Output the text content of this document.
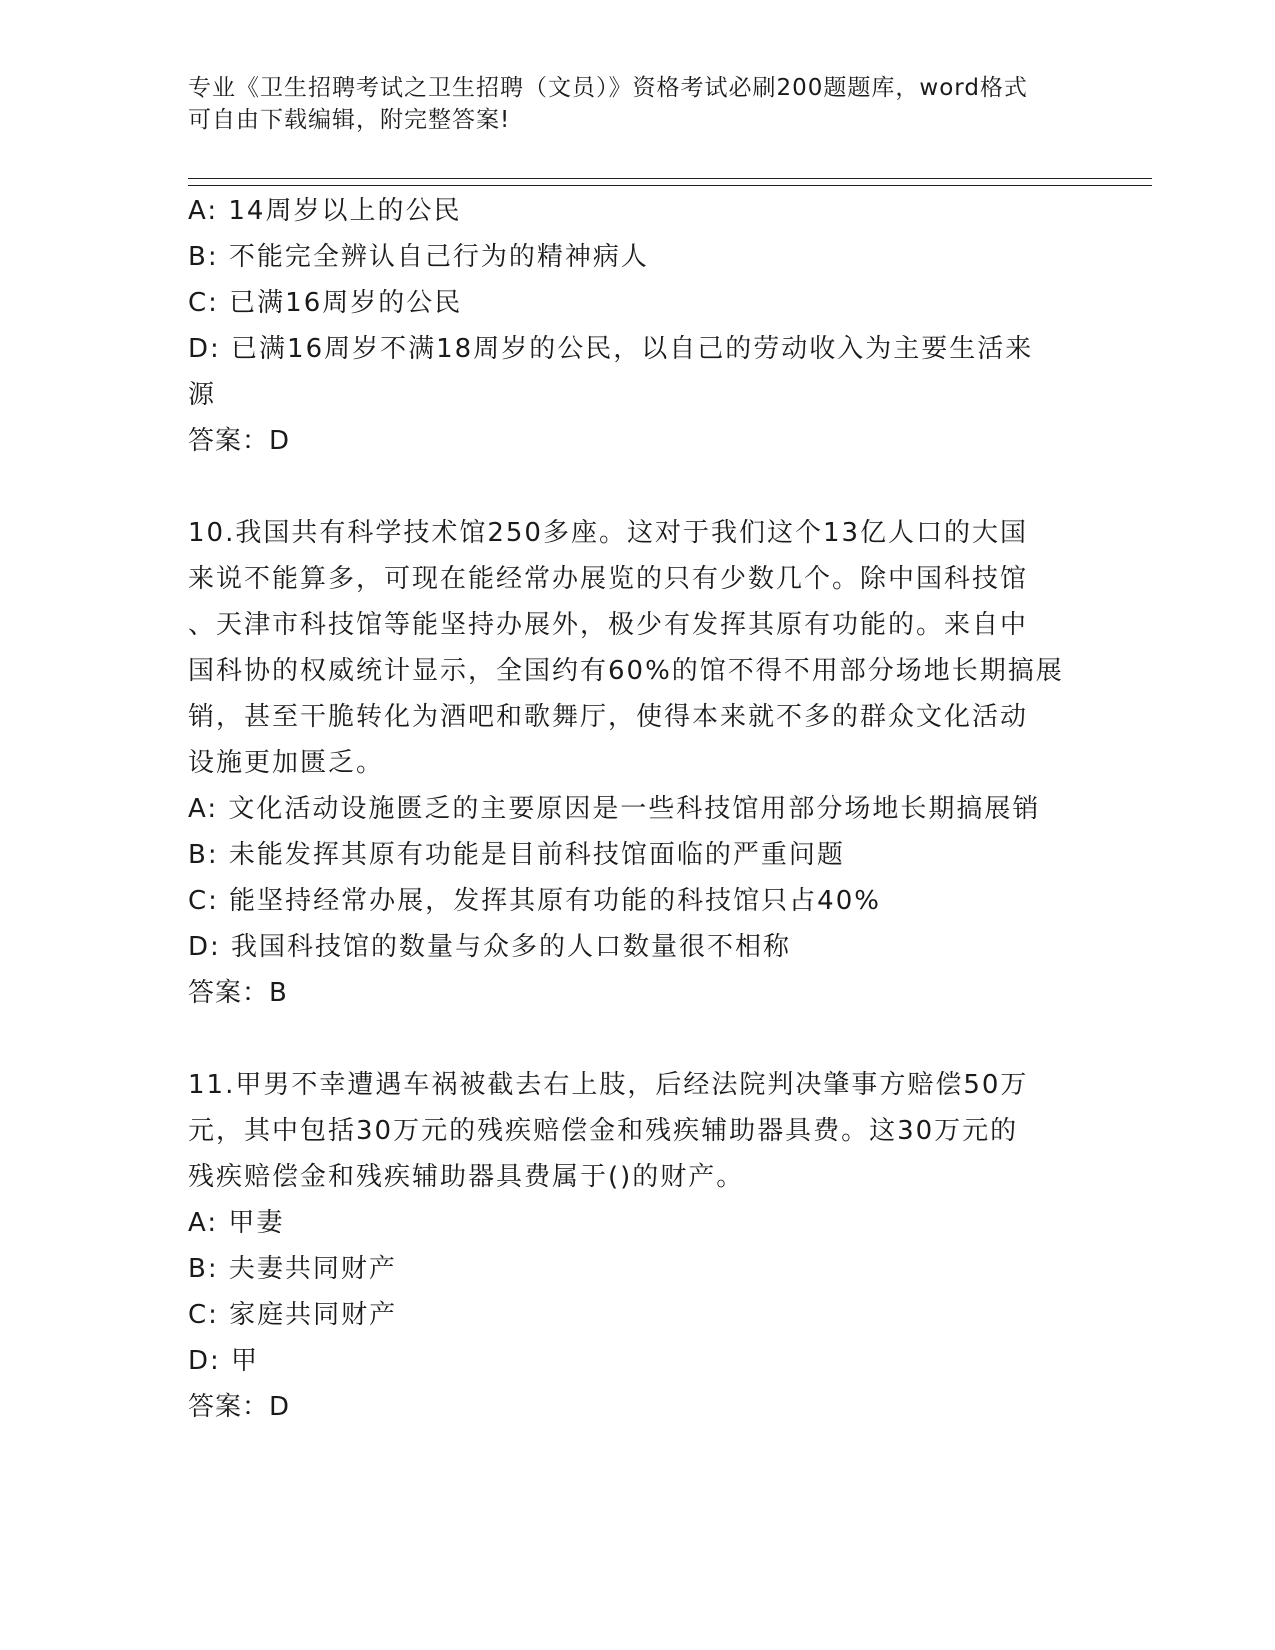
专业《卫生招聘考试之卫生招聘（文员）》资格考试必刷200题题库，word格式
可自由下载编辑，附完整答案!
A: 14周岁以上的公民
B: 不能完全辨认自己行为的精神病人
C: 已满16周岁的公民
D: 已满16周岁不满18周岁的公民，以自己的劳动收入为主要生活来
源
答案：D
10.我国共有科学技术馆250多座。这对于我们这个13亿人口的大国
来说不能算多，可现在能经常办展览的只有少数几个。除中国科技馆
、天津市科技馆等能坚持办展外，极少有发挥其原有功能的。来自中
国科协的权威统计显示，全国约有60%的馆不得不用部分场地长期搞展
销，甚至干脆转化为酒吧和歌舞厅，使得本来就不多的群众文化活动
设施更加匮乏。
A: 文化活动设施匮乏的主要原因是一些科技馆用部分场地长期搞展销
B: 未能发挥其原有功能是目前科技馆面临的严重问题
C: 能坚持经常办展，发挥其原有功能的科技馆只占40%
D: 我国科技馆的数量与众多的人口数量很不相称
答案：B
11.甲男不幸遭遇车祸被截去右上肢，后经法院判决肇事方赔偿50万
元，其中包括30万元的残疾赔偿金和残疾辅助器具费。这30万元的
残疾赔偿金和残疾辅助器具费属于()的财产。
A: 甲妻
B: 夫妻共同财产
C: 家庭共同财产
D: 甲
答案：D
